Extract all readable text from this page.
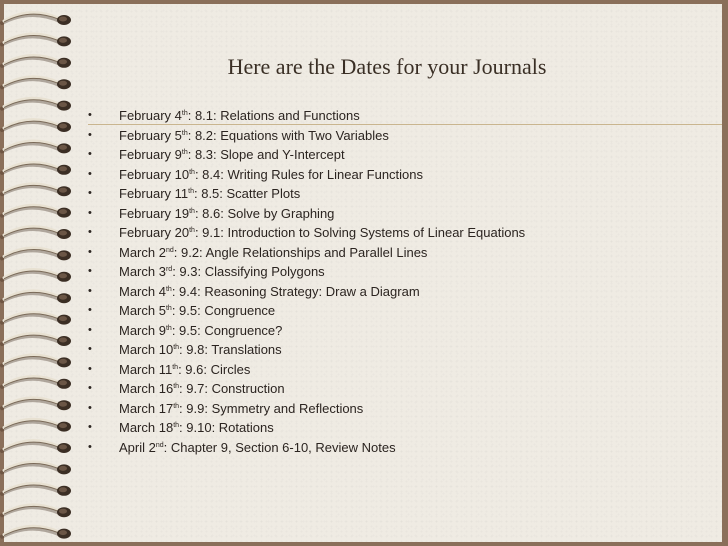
Here are the Dates for your Journals
•	February 4th: 8.1: Relations and Functions
•	February 5th: 8.2: Equations with Two Variables
•	February 9th: 8.3: Slope and Y-Intercept
•	February 10th: 8.4: Writing Rules for Linear Functions
•	February 11th: 8.5: Scatter Plots
•	February 19th: 8.6: Solve by Graphing
•	February 20th: 9.1: Introduction to Solving Systems of Linear Equations
•	March 2nd: 9.2: Angle Relationships and Parallel Lines
•	March 3rd: 9.3: Classifying Polygons
•	March 4th: 9.4: Reasoning Strategy: Draw a Diagram
•	March 5th: 9.5: Congruence
•	March 9th: 9.5: Congruence?
•	March 10th: 9.8: Translations
•	March 11th: 9.6: Circles
•	March 16th: 9.7: Construction
•	March 17th: 9.9: Symmetry and Reflections
•	March 18th: 9.10: Rotations
•	April 2nd: Chapter 9, Section 6-10, Review Notes
